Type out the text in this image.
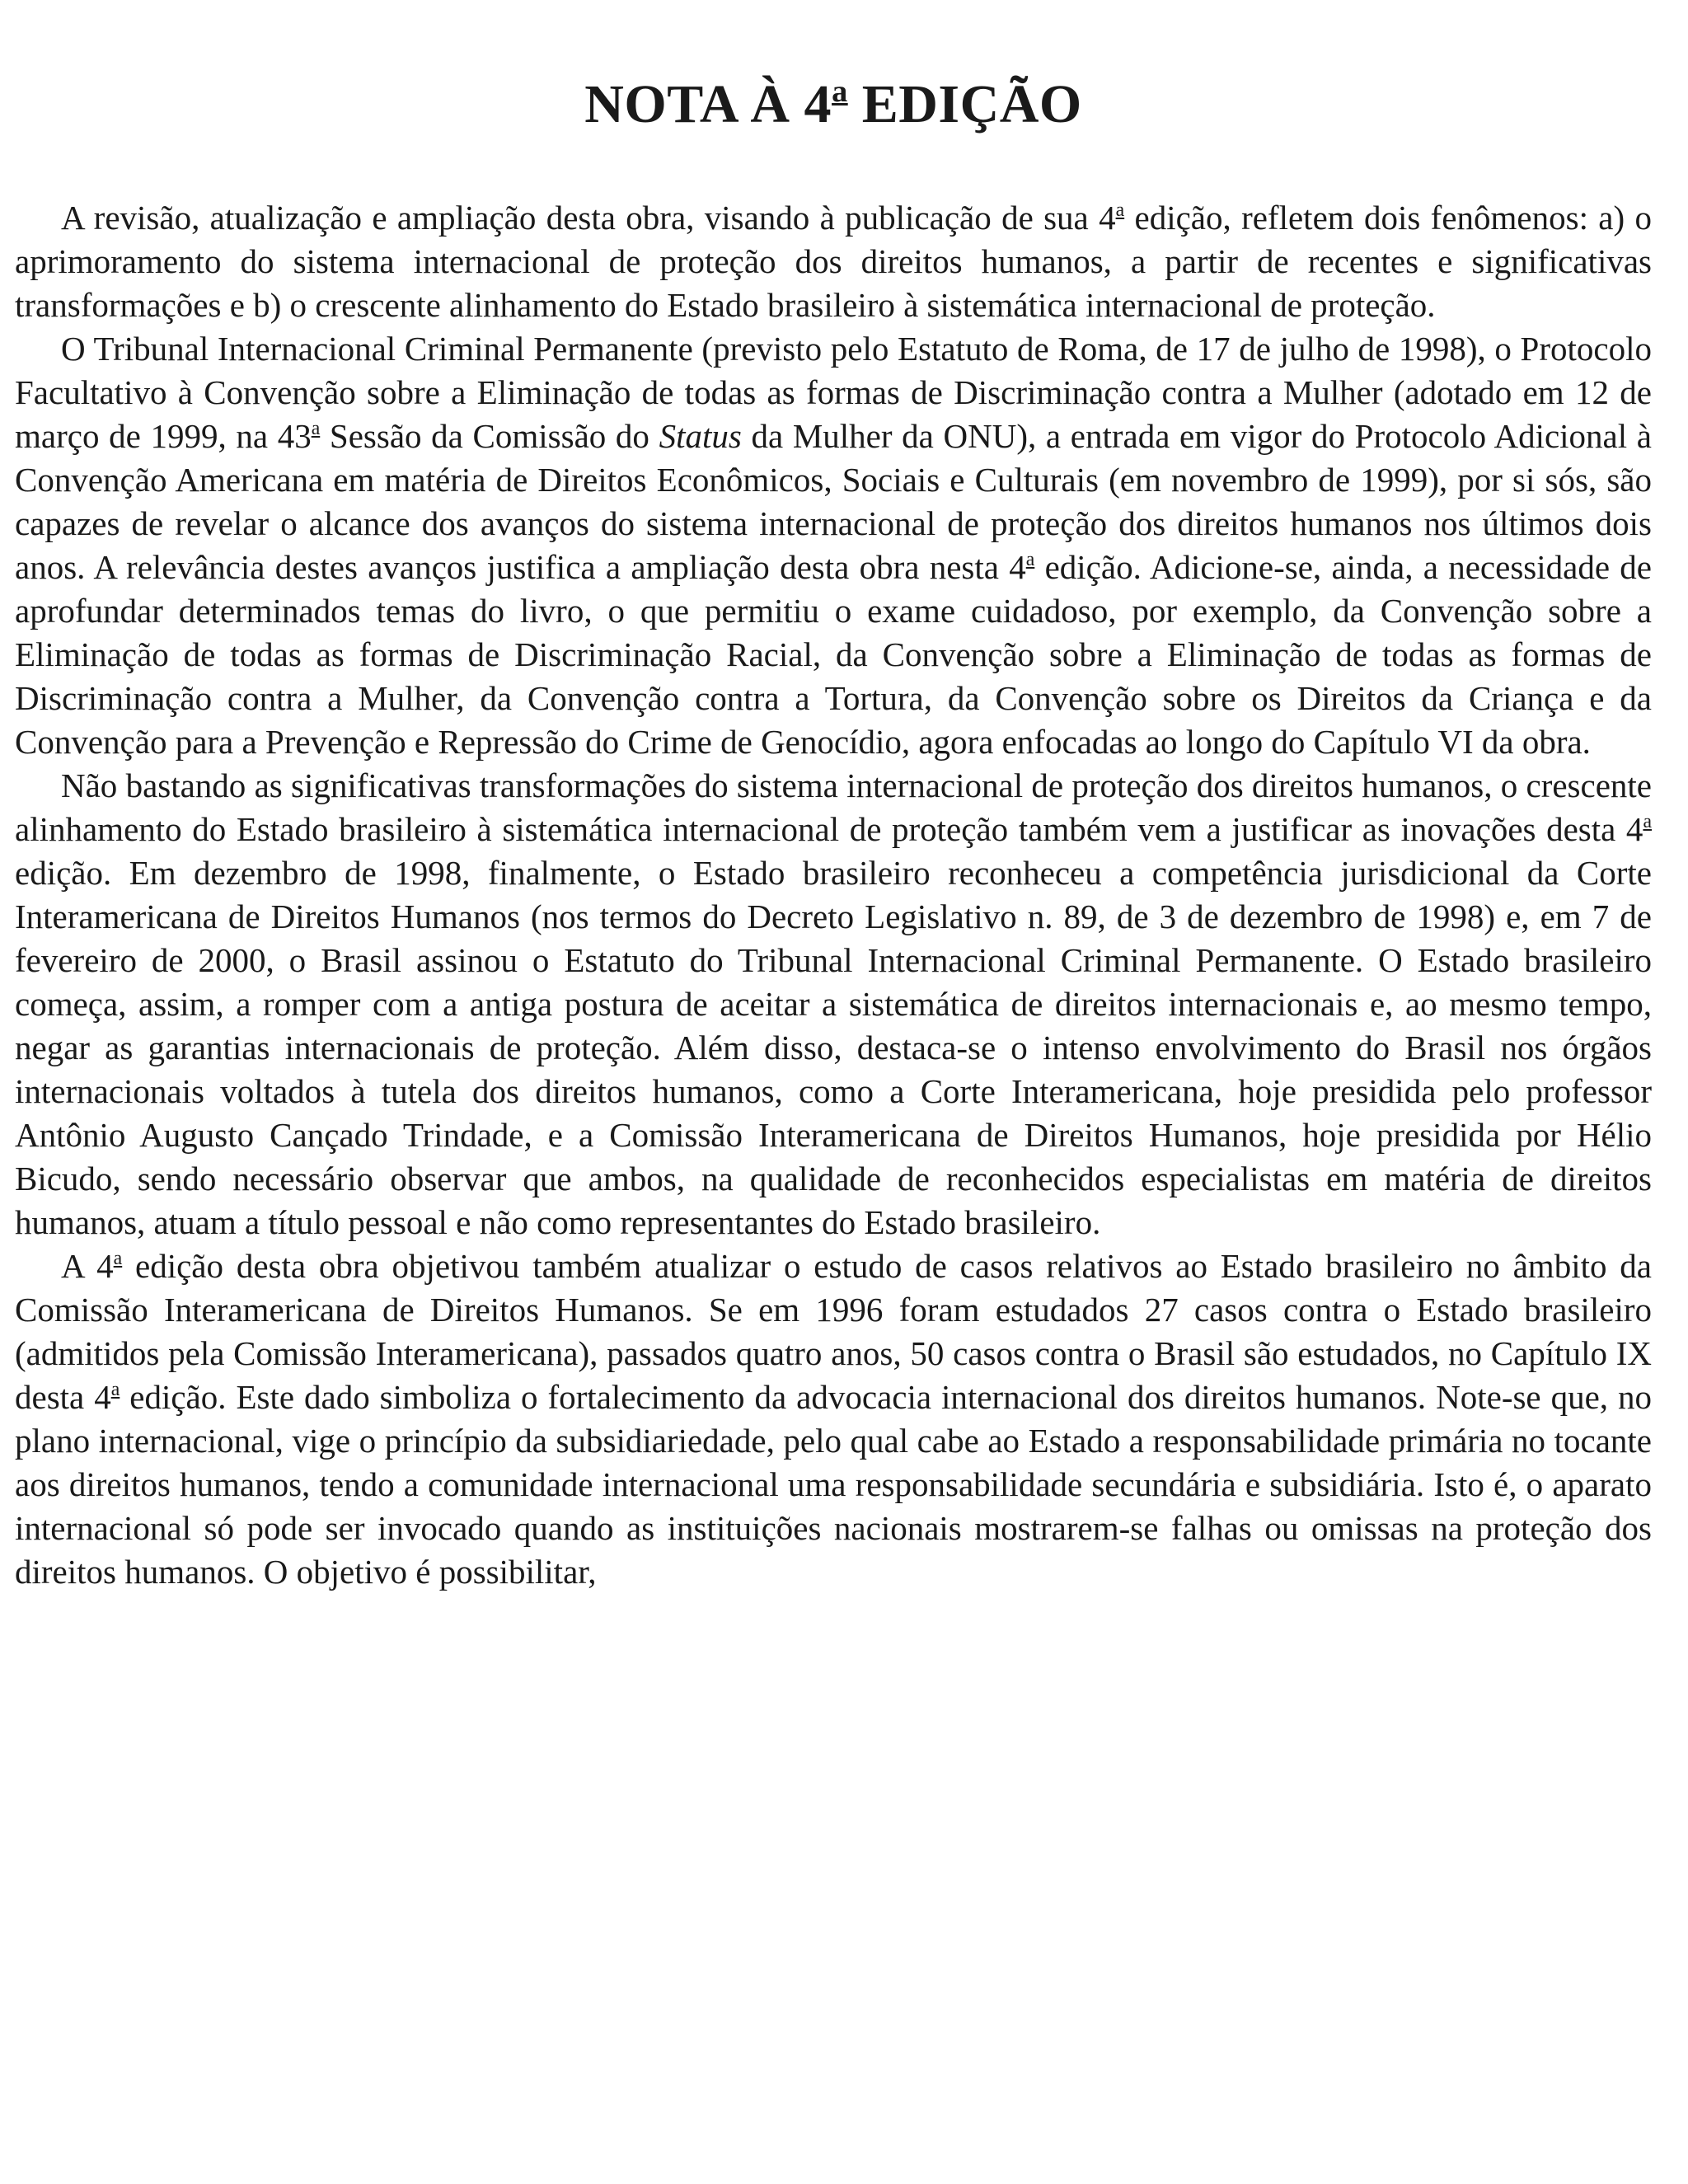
NOTA À 4$^a$ EDIÇÃO

A revisão, atualização e ampliação desta obra, visando à publicação de sua 4$^a$ edição, refletem dois fenômenos: a) o aprimoramento do sistema internacional de proteção dos direitos humanos, a partir de recentes e significativas transformações e b) o crescente alinhamento do Estado brasileiro à sistemática internacional de proteção.

O Tribunal Internacional Criminal Permanente (previsto pelo Estatuto de Roma, de 17 de julho de 1998), o Protocolo Facultativo à Convenção sobre a Eliminação de todas as formas de Discriminação contra a Mulher (adotado em 12 de março de 1999, na 43$^a$ Sessão da Comissão do Status da Mulher da ONU), a entrada em vigor do Protocolo Adicional à Convenção Americana em matéria de Direitos Econômicos, Sociais e Culturais (em novembro de 1999), por si sós, são capazes de revelar o alcance dos avanços do sistema internacional de proteção dos direitos humanos nos últimos dois anos. A relevância destes avanços justifica a ampliação desta obra nesta 4$^a$ edição. Adicione-se, ainda, a necessidade de aprofundar determinados temas do livro, o que permitiu o exame cuidadoso, por exemplo, da Convenção sobre a Eliminação de todas as formas de Discriminação Racial, da Convenção sobre a Eliminação de todas as formas de Discriminação contra a Mulher, da Convenção contra a Tortura, da Convenção sobre os Direitos da Criança e da Convenção para a Prevenção e Repressão do Crime de Genocídio, agora enfocadas ao longo do Capítulo VI da obra.

Não bastando as significativas transformações do sistema internacional de proteção dos direitos humanos, o crescente alinhamento do Estado brasileiro à sistemática internacional de proteção também vem a justificar as inovações desta 4$^a$ edição. Em dezembro de 1998, finalmente, o Estado brasileiro reconheceu a competência jurisdicional da Corte Interamericana de Direitos Humanos (nos termos do Decreto Legislativo n. 89, de 3 de dezembro de 1998) e, em 7 de fevereiro de 2000, o Brasil assinou o Estatuto do Tribunal Internacional Criminal Permanente. O Estado brasileiro começa, assim, a romper com a antiga postura de aceitar a sistemática de direitos internacionais e, ao mesmo tempo, negar as garantias internacionais de proteção. Além disso, destaca-se o intenso envolvimento do Brasil nos órgãos internacionais voltados à tutela dos direitos humanos, como a Corte Interamericana, hoje presidida pelo professor Antônio Augusto Cançado Trindade, e a Comissão Interamericana de Direitos Humanos, hoje presidida por Hélio Bicudo, sendo necessário observar que ambos, na qualidade de reconhecidos especialistas em matéria de direitos humanos, atuam a título pessoal e não como representantes do Estado brasileiro.

A 4$^a$ edição desta obra objetivou também atualizar o estudo de casos relativos ao Estado brasileiro no âmbito da Comissão Interamericana de Direitos Humanos. Se em 1996 foram estudados 27 casos contra o Estado brasileiro (admitidos pela Comissão Interamericana), passados quatro anos, 50 casos contra o Brasil são estudados, no Capítulo IX desta 4$^a$ edição. Este dado simboliza o fortalecimento da advocacia internacional dos direitos humanos. Note-se que, no plano internacional, vige o princípio da subsidiariedade, pelo qual cabe ao Estado a responsabilidade primária no tocante aos direitos humanos, tendo a comunidade internacional uma responsabilidade secundária e subsidiária. Isto é, o aparato internacional só pode ser invocado quando as instituições nacionais mostrarem-se falhas ou omissas na proteção dos direitos humanos. O objetivo é possibilitar,
